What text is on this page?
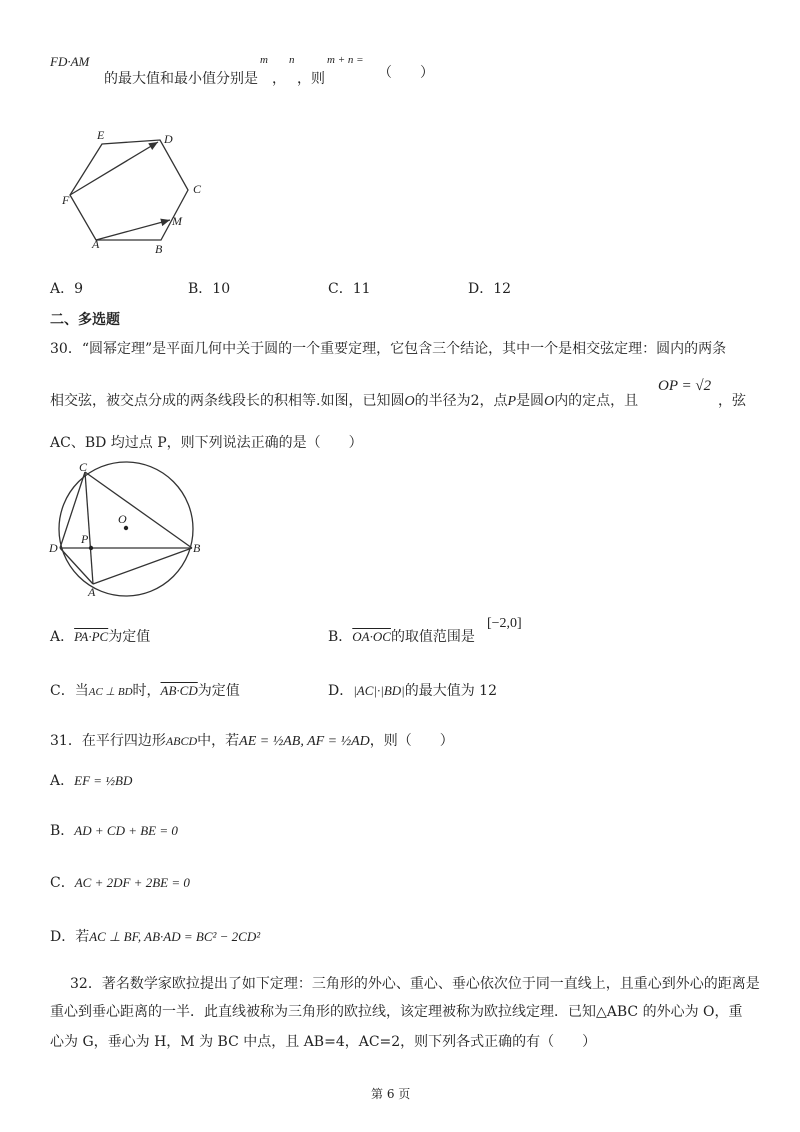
FD·AM
的最大值和最小值分别是
m
，
n
，则
m + n =
（　　）
E	D
C
M
B
A
F
A．9	B．10	C．11	D．12
二、多选题
30．“圆幂定理”是平面几何中关于圆的一个重要定理，它包含三个结论，其中一个是相交弦定理：圆内的两条
相交弦，被交点分成的两条线段长的积相等.如图，已知圆O的半径为2，点P是圆O内的定点，且
OP = √2
，弦
AC、BD 均过点 P，则下列说法正确的是（　　）
C
O
D
P
B
A
A．PA·PC为定值	B．OA·OC的取值范围是
[−2,0]
C．当AC ⊥ BD时，AB·CD为定值	D．|AC|·|BD|的最大值为 12
31．在平行四边形ABCD中，若AE = ½AB, AF = ½AD，则（　　）
A．EF = ½BD
B．AD + CD + BE = 0
C．AC + 2DF + 2BE = 0
D．若AC ⊥ BF, AB·AD = BC² − 2CD²
32．著名数学家欧拉提出了如下定理：三角形的外心、重心、垂心依次位于同一直线上，且重心到外心的距离是
重心到垂心距离的一半．此直线被称为三角形的欧拉线，该定理被称为欧拉线定理．已知△ABC 的外心为 O，重
心为 G，垂心为 H，M 为 BC 中点，且 AB=4，AC=2，则下列各式正确的有（　　）
第 6 页
